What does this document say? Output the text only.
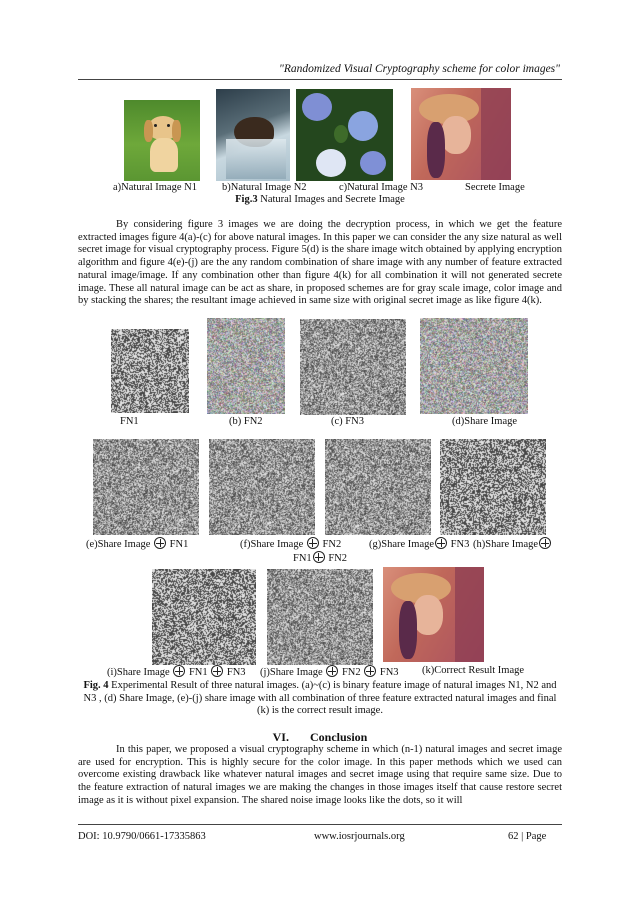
"Randomized Visual Cryptography scheme for color images"
a)Natural Image N1 b)Natural Image N2	c)Natural Image N3	Secrete Image
Fig.3 Natural Images and Secrete Image
By considering figure 3 images we are doing the decryption process, in which we get the feature extracted images figure 4(a)-(c) for above natural images. In this paper we can consider the any size natural as well secret image for visual cryptography process. Figure 5(d) is the share image witch obtained by applying encryption algorithm and figure 4(e)-(j) are the any random combination of share image with any number of feature extracted natural image/image. If any combination other than figure 4(k) for all combination it will not generated secrete image. These all natural image can be act as share, in proposed schemes are for gray scale image, color image and by stacking the shares; the resultant image achieved in same size with original secret image as like figure 4(k).
FN1	(b) FN2	(c) FN3	(d)Share Image
(e)Share Image FN1	(f)Share Image FN2	(g)Share Image FN3 (h)Share Image
FN1 FN2
(i)Share Image FN1 FN3 (j)Share Image FN2 FN3 (k)Correct Result Image
Fig. 4 Experimental Result of three natural images. (a)~(c) is binary feature image of natural images N1, N2 and N3 , (d) Share Image, (e)-(j) share image with all combination of three feature extracted natural images and final (k) is the correct result image.
VI. Conclusion
In this paper, we proposed a visual cryptography scheme in which (n-1) natural images and secret image are used for encryption. This is highly secure for the color image. In this paper methods which we used can overcome existing drawback like whatever natural images and secret image using that require same size. Due to the feature extraction of natural images we are making the changes in those images itself that cause restore secret image as it is without pixel expansion. The shared noise image looks like the dots, so it will
DOI: 10.9790/0661-17335863	www.iosrjournals.org	62 | Page
